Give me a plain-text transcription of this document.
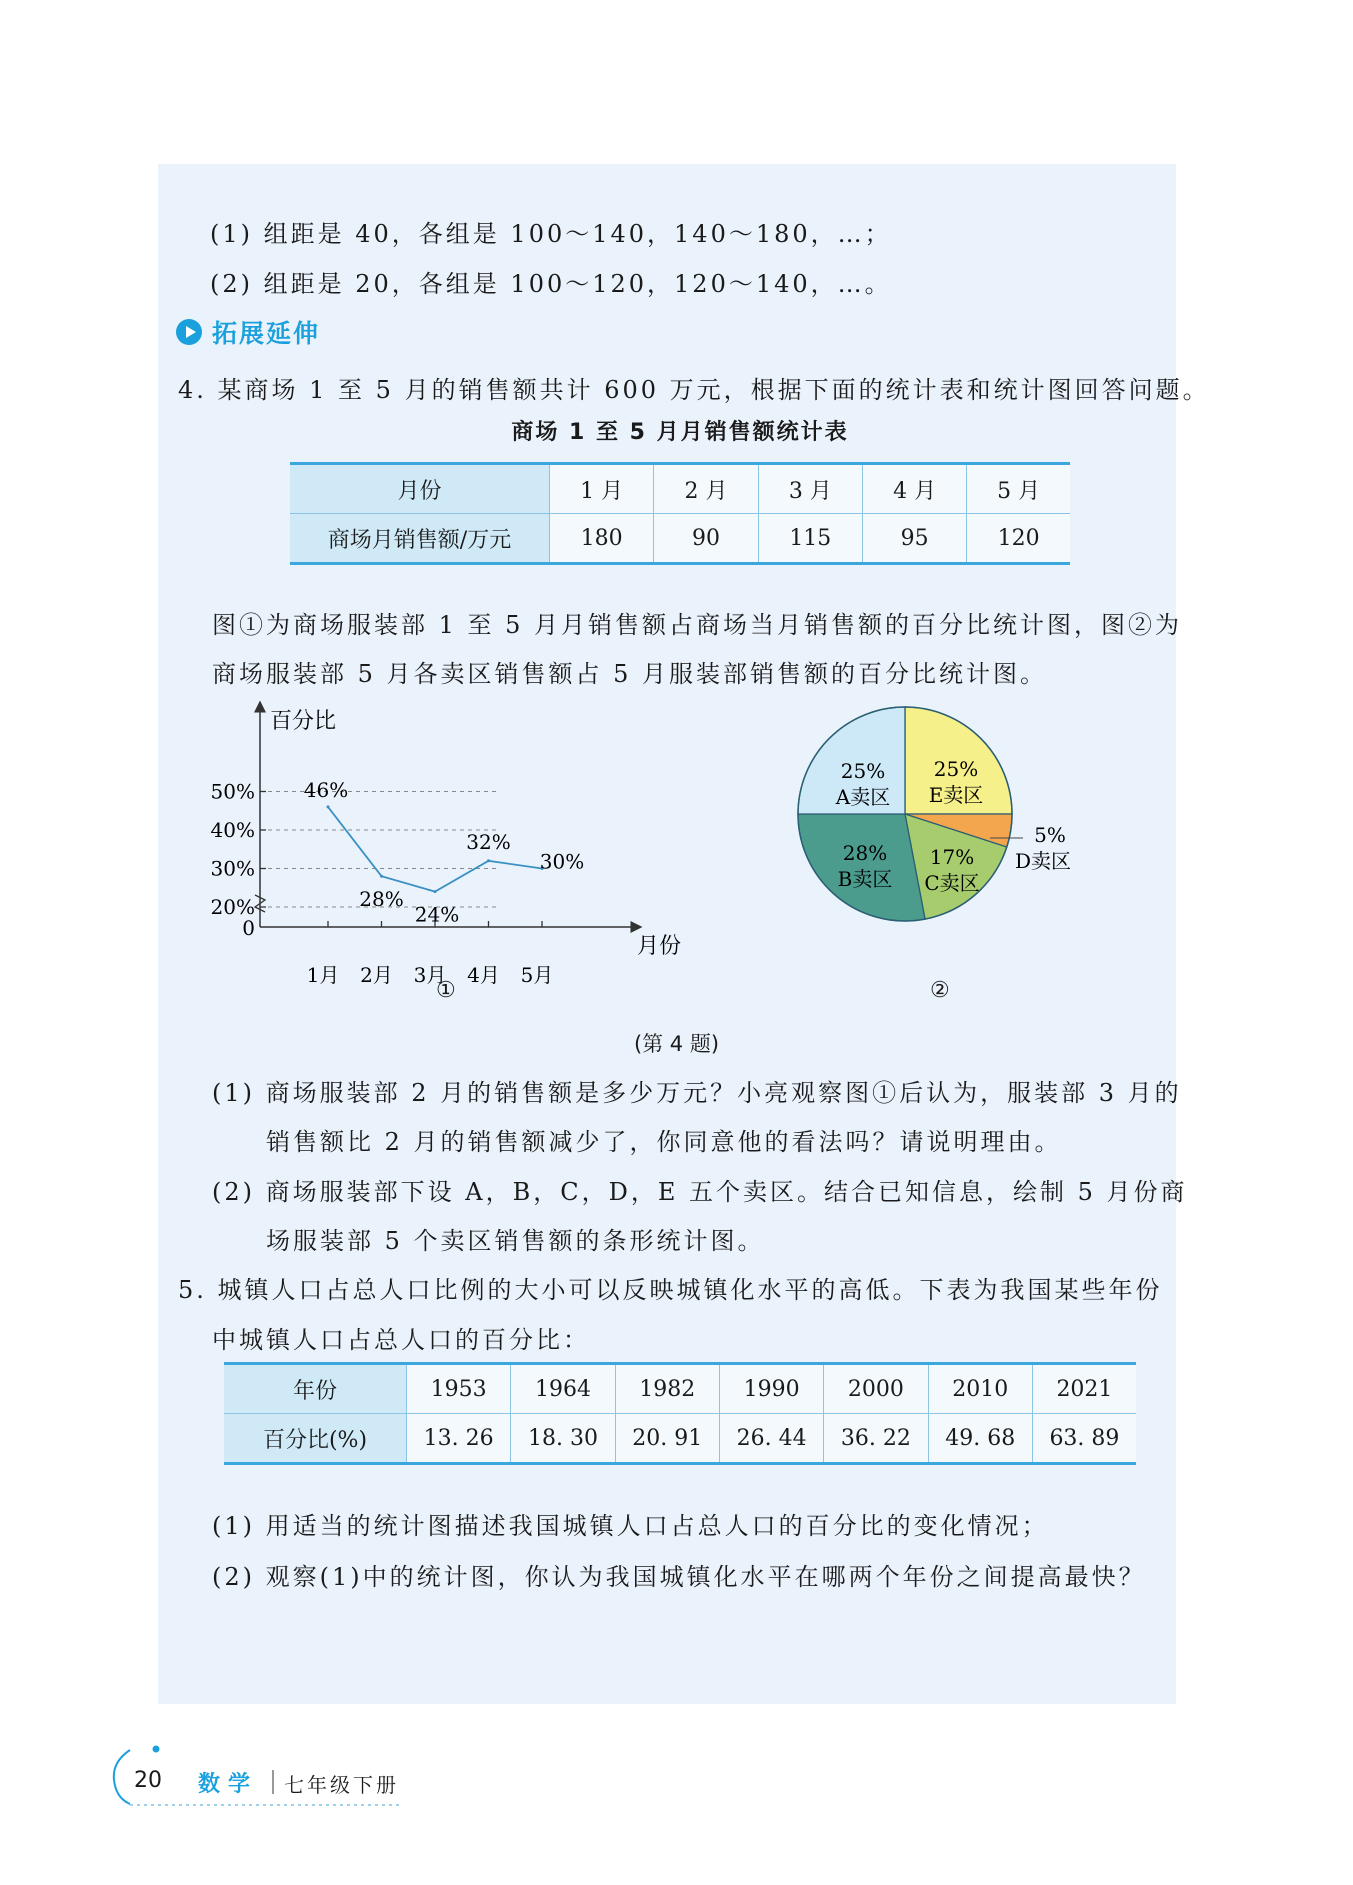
(1) 组距是 40，各组是 100～140，140～180，…；
(2) 组距是 20，各组是 100～120，120～140，…。
拓展延伸
4. 某商场 1 至 5 月的销售额共计 600 万元，根据下面的统计表和统计图回答问题。
商场 1 至 5 月月销售额统计表
月份	1 月	2 月	3 月	4 月	5 月
商场月销售额/万元	180	90	115	95	120
图①为商场服装部 1 至 5 月月销售额占商场当月销售额的百分比统计图，图②为
商场服装部 5 月各卖区销售额占 5 月服装部销售额的百分比统计图。
百分比
月份
0
20%
30%
40%
50%
1月 2月 3月 4月 5月
46%
28%
24%
32%
30%
①
25%
A卖区
25%
E卖区
5%
D卖区
17%
C卖区
28%
B卖区
②
(第 4 题)
(1) 商场服装部 2 月的销售额是多少万元？小亮观察图①后认为，服装部 3 月的
销售额比 2 月的销售额减少了，你同意他的看法吗？请说明理由。
(2) 商场服装部下设 A，B，C，D，E 五个卖区。结合已知信息，绘制 5 月份商
场服装部 5 个卖区销售额的条形统计图。
5. 城镇人口占总人口比例的大小可以反映城镇化水平的高低。下表为我国某些年份
中城镇人口占总人口的百分比：
年份	1953	1964	1982	1990	2000	2010	2021
百分比(%)	13. 26	18. 30	20. 91	26. 44	36. 22	49. 68	63. 89
(1) 用适当的统计图描述我国城镇人口占总人口的百分比的变化情况；
(2) 观察(1)中的统计图，你认为我国城镇化水平在哪两个年份之间提高最快？
20 数学 七年级下册
